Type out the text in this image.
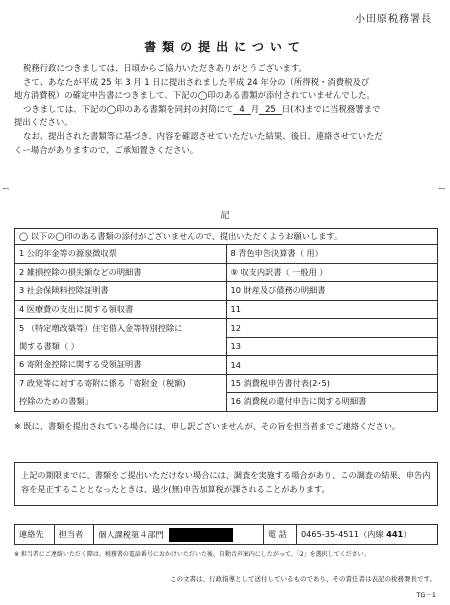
小田原税務署長
書類の提出について

税務行政につきましては、日頃からご協力いただきありがとうございます。

さて、あなたが平成 25 年 3 月 1 日に提出されました平成 24 年分の（所得税・消費税及び

地方消費税）の確定申告書につきまして、下記の◯印のある書類が添付されていませんでした。

つきましては、下記の◯印のある書類を同封の封筒にて 4 月 25 日(木)までに当税務署まで

提出ください。

なお、提出された書類等に基づき、内容を確認させていただいた結果、後日、連絡させていただ

くー場合がありますので、ご承知置きください。

ー	ー
記
◯ 以下の◯印のある書類の添付がございませんので、提出いただくようお願いします。
1 公的年金等の源泉徴収票	8 青色申告決算書（ 用）
2 雑損控除の損失額などの明細書	⑨ 収支内訳書（ 一般用 ）
3 社会保険料控除証明書	10 財産及び債務の明細書
4 医療費の支出に関する領収書	11
5 （特定増改築等）住宅借入金等特別控除に	12
関する書類（ ）	13
6 寄附金控除に関する受領証明書	14
7 政党等に対する寄附に係る「寄附金（税額)	15 消費税申告書付表(2･5)
控除のための書類」	16 消費税の還付申告に関する明細書
※ 既に、書類を提出されている場合には、申し訳ございませんが、その旨を担当者までご連絡ください。
上記の期限までに、書類をご提出いただけない場合には、調査を実施する場合があり、この調査の結果、申告内容を是正することとなったときは、過少(無)申告加算税が課されることがあります。
連絡先	担当者	個人課税第４部門	電 話	0465-35-4511（内線 441）
※ 担当者にご連絡いただく際は、税務署の電話番号におかけいただいた後、自動音声案内にしたがって、「2」を選択してください。
この文書は、行政指導として送付しているものであり、その責任者は表記の税務署長です。
TG－1
